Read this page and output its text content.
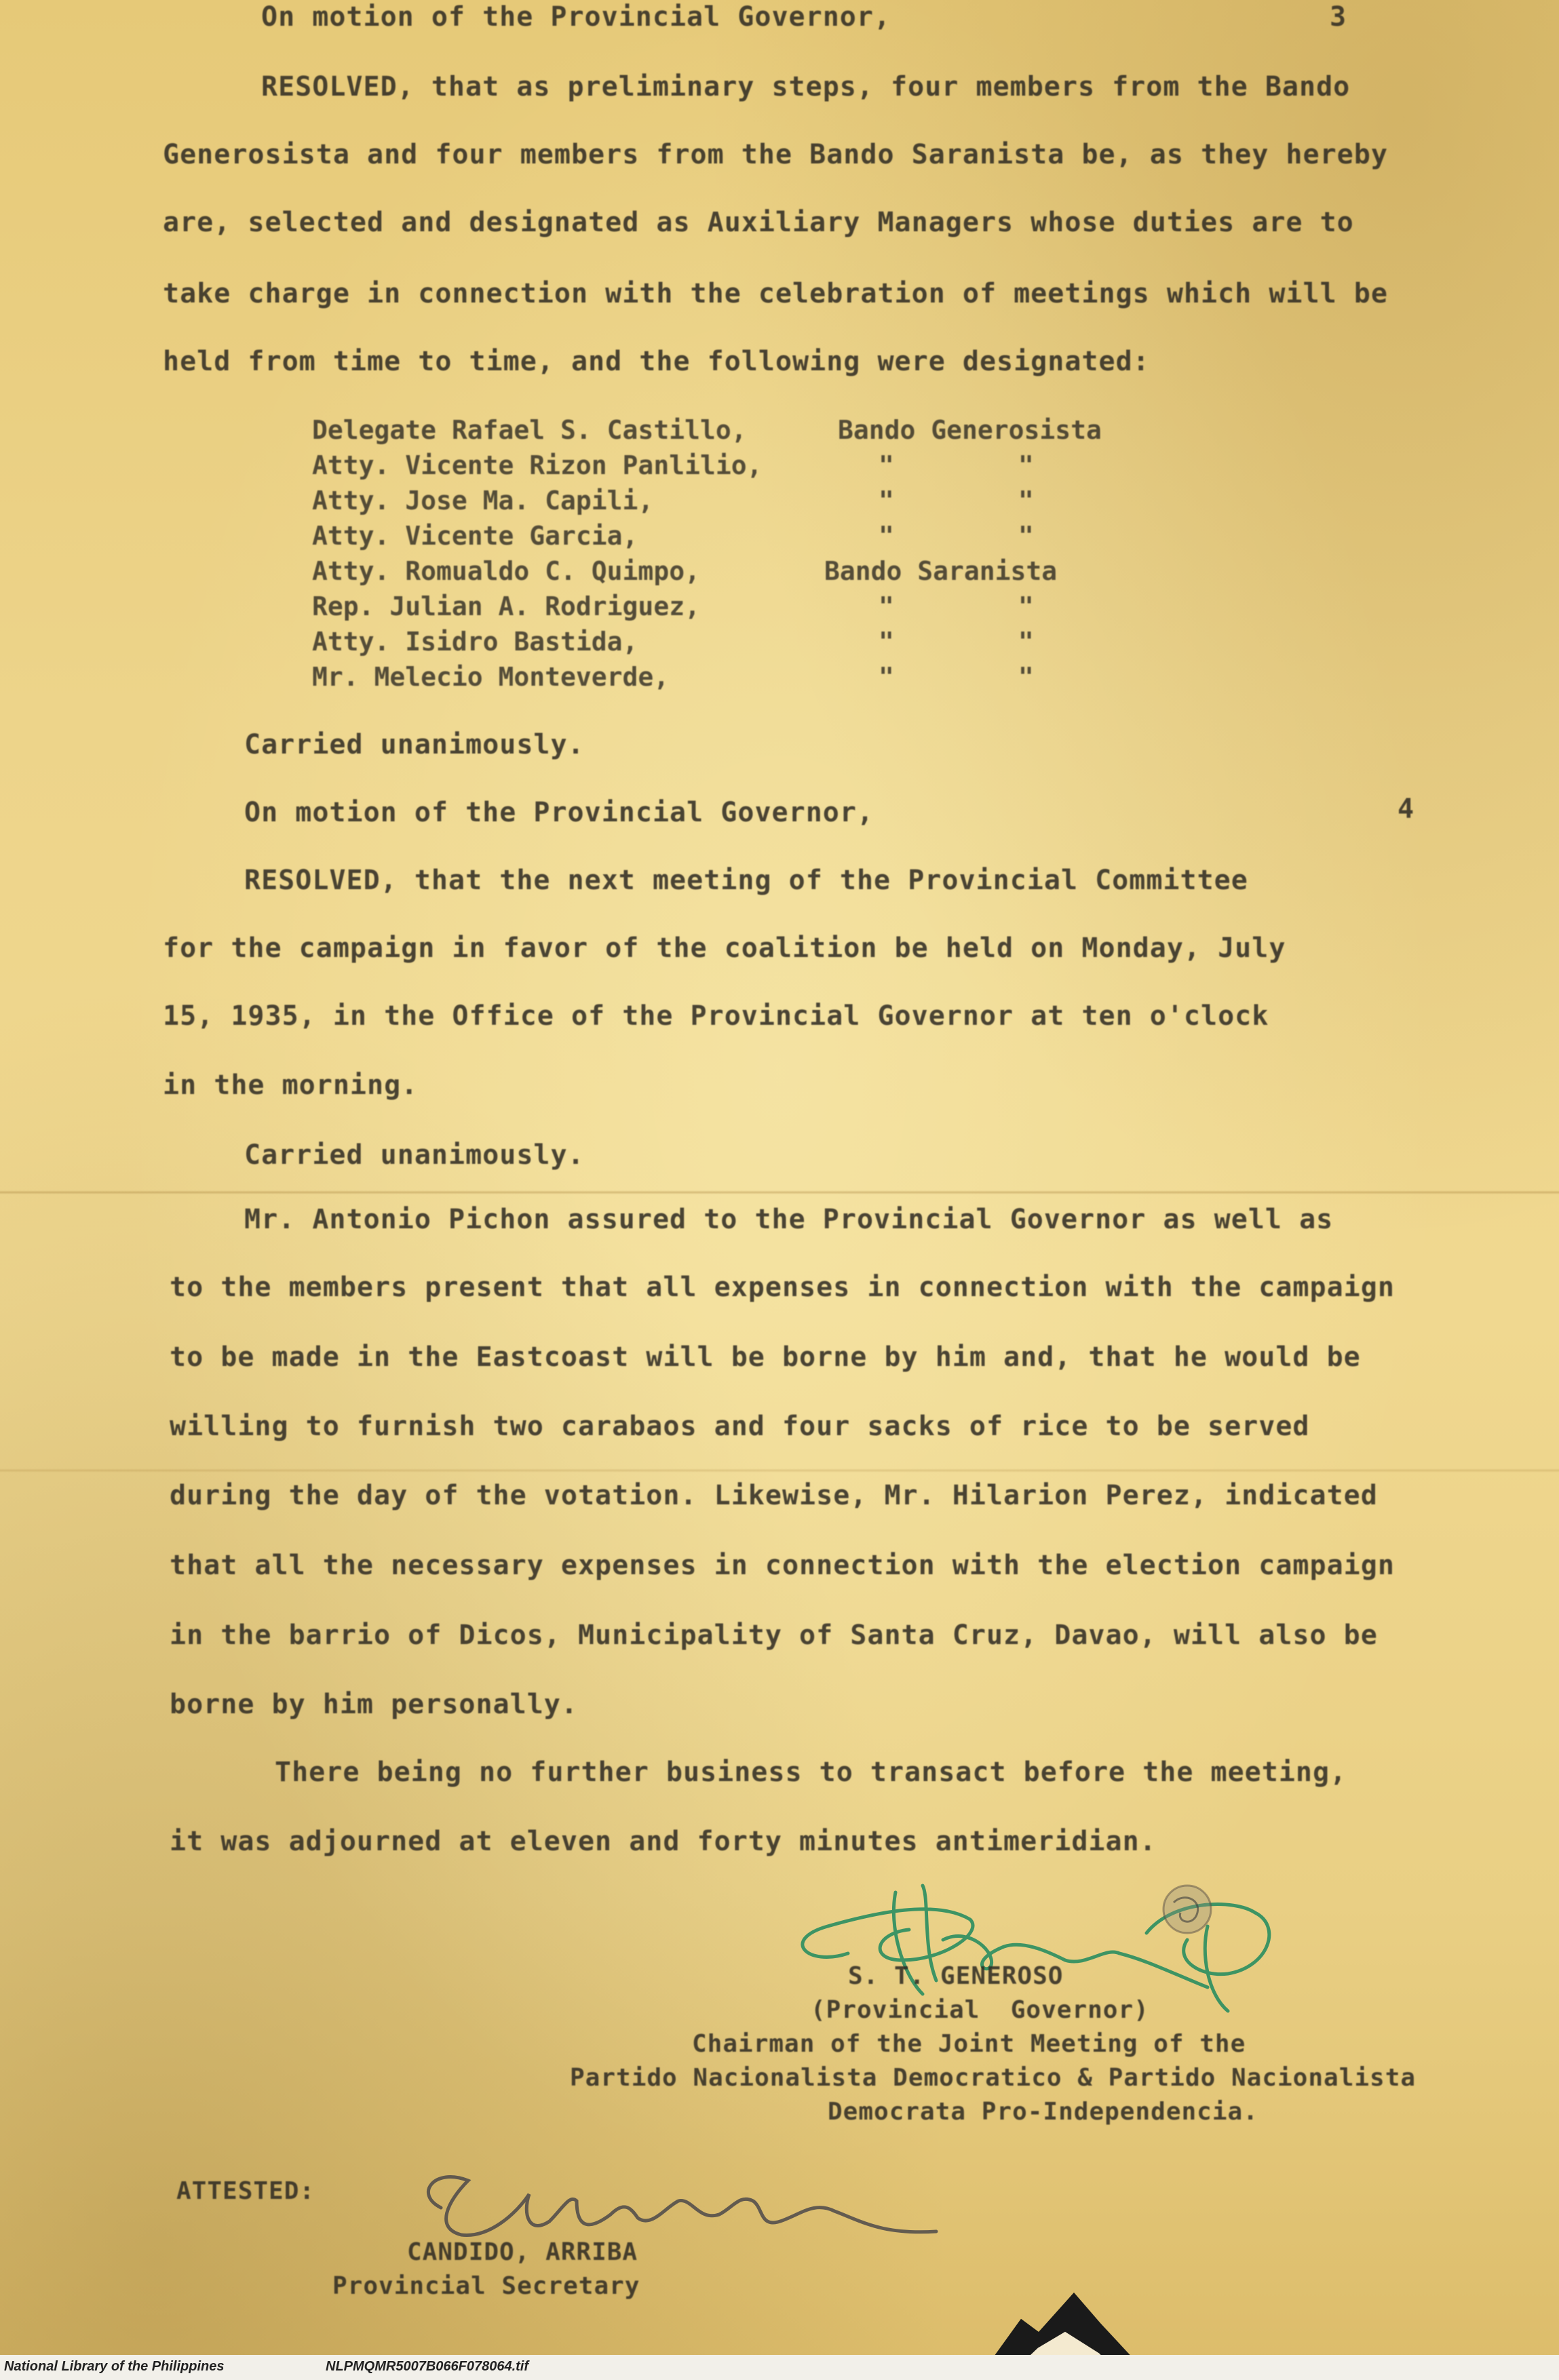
On motion of the Provincial Governor,	3
RESOLVED, that as preliminary steps, four members from the Bando
Generosista and four members from the Bando Saranista be, as they hereby
are, selected and designated as Auxiliary Managers whose duties are to
take charge in connection with the celebration of meetings which will be
held from time to time, and the following were designated:
Delegate Rafael S. Castillo,	Bando Generosista
Atty. Vicente Rizon Panlilio,	"        "
Atty. Jose Ma. Capili,	"        "
Atty. Vicente Garcia,	"        "
Atty. Romualdo C. Quimpo,	Bando Saranista
Rep. Julian A. Rodriguez,	"        "
Atty. Isidro Bastida,	"        "
Mr. Melecio Monteverde,	"        "
Carried unanimously.
On motion of the Provincial Governor,	4
RESOLVED, that the next meeting of the Provincial Committee
for the campaign in favor of the coalition be held on Monday, July
15, 1935, in the Office of the Provincial Governor at ten o'clock
in the morning.
Carried unanimously.
Mr. Antonio Pichon assured to the Provincial Governor as well as
to the members present that all expenses in connection with the campaign
to be made in the Eastcoast will be borne by him and, that he would be
willing to furnish two carabaos and four sacks of rice to be served
during the day of the votation. Likewise, Mr. Hilarion Perez, indicated
that all the necessary expenses in connection with the election campaign
in the barrio of Dicos, Municipality of Santa Cruz, Davao, will also be
borne by him personally.
There being no further business to transact before the meeting,
it was adjourned at eleven and forty minutes antimeridian.
S. T. GENEROSO
(Provincial  Governor)
Chairman of the Joint Meeting of the
Partido Nacionalista Democratico & Partido Nacionalista
Democrata Pro-Independencia.
ATTESTED:
CANDIDO, ARRIBA
Provincial Secretary
National Library of the Philippines	NLPMQMR5007B066F078064.tif
